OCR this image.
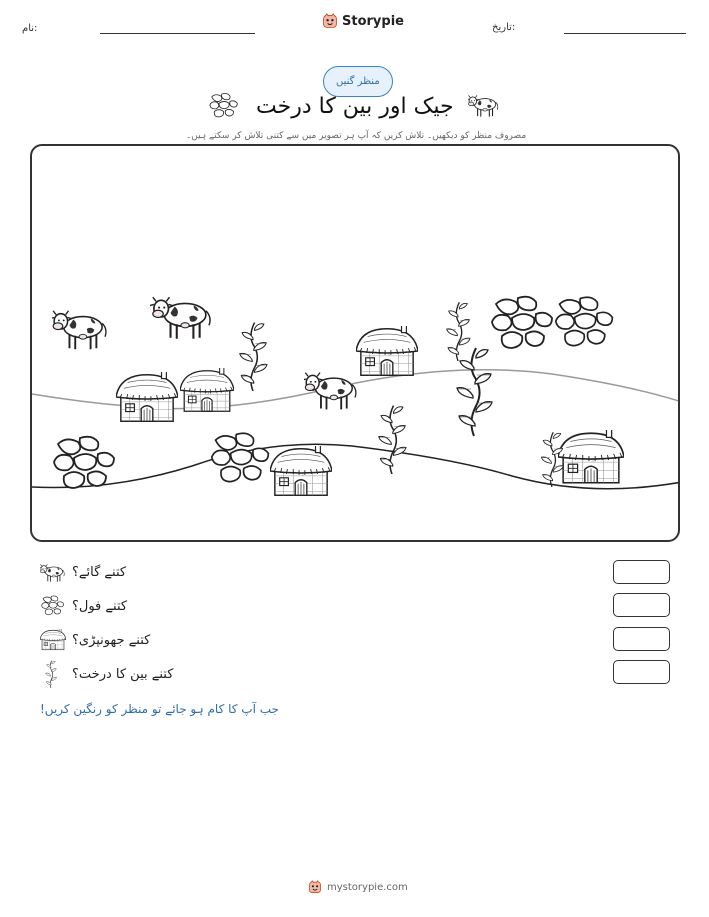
نام:	Storypie	تاریخ:
منظر گنیں
جیک اور بین کا درخت
مصروف منظر کو دیکھیں۔ تلاش کریں کہ آپ ہر تصویر میں سے کتنی تلاش کر سکتے ہیں۔
کتنے گائے؟
کتنے فول؟
کتنے جھونپڑی؟
کتنے بین کا درخت؟
جب آپ کا کام ہو جائے تو منظر کو رنگین کریں!
mystorypie.com
